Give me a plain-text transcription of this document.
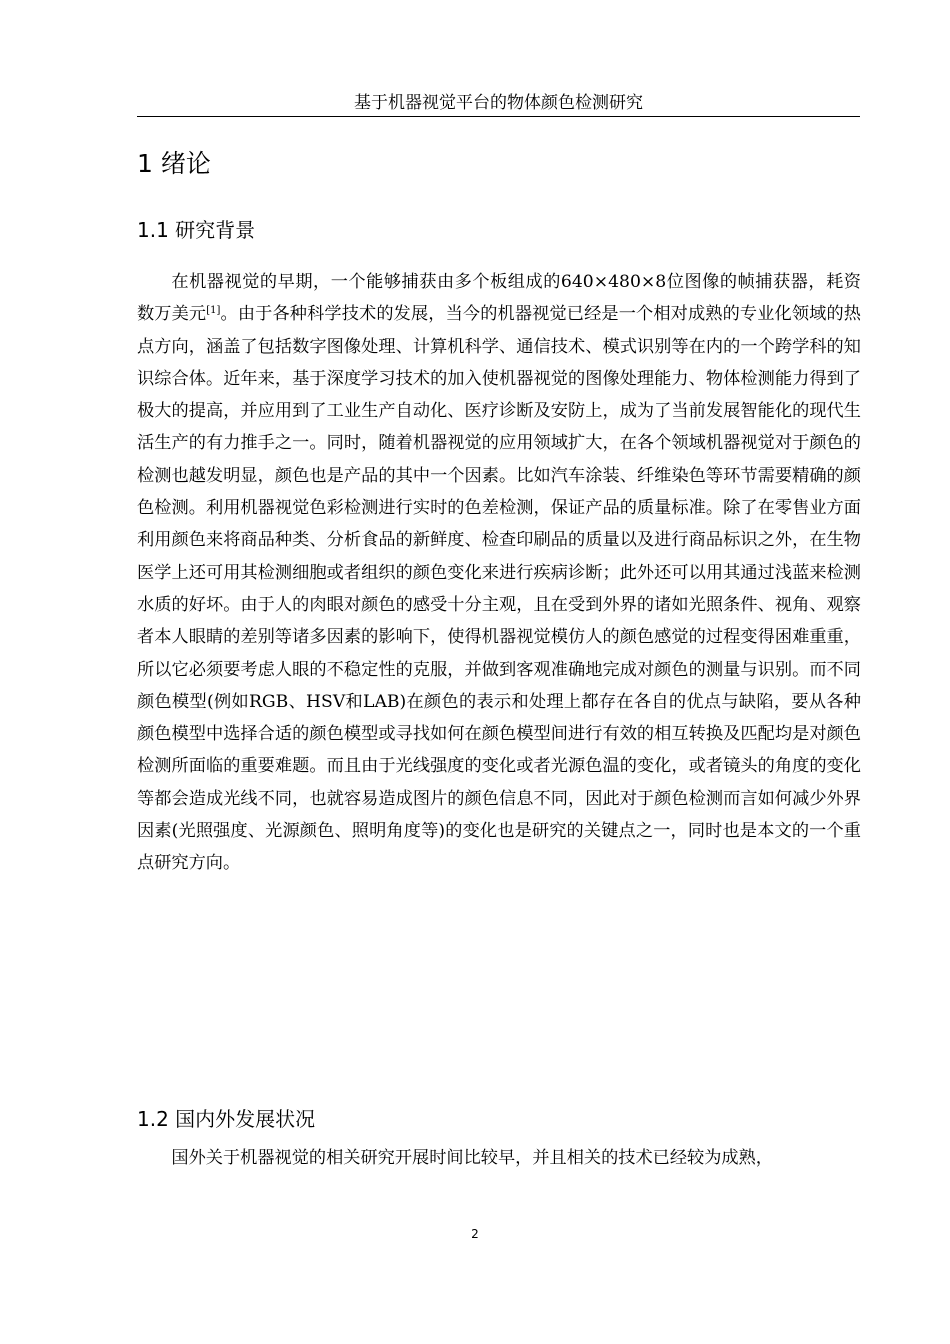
基于机器视觉平台的物体颜色检测研究
1 绪论
1.1 研究背景
在机器视觉的早期，一个能够捕获由多个板组成的640×480×8位图像的帧捕获器，耗资数万美元[1]。由于各种科学技术的发展，当今的机器视觉已经是一个相对成熟的专业化领域的热点方向，涵盖了包括数字图像处理、计算机科学、通信技术、模式识别等在内的一个跨学科的知识综合体。近年来，基于深度学习技术的加入使机器视觉的图像处理能力、物体检测能力得到了极大的提高，并应用到了工业生产自动化、医疗诊断及安防上，成为了当前发展智能化的现代生活生产的有力推手之一。同时，随着机器视觉的应用领域扩大，在各个领域机器视觉对于颜色的检测也越发明显，颜色也是产品的其中一个因素。比如汽车涂装、纤维染色等环节需要精确的颜色检测。利用机器视觉色彩检测进行实时的色差检测，保证产品的质量标准。除了在零售业方面利用颜色来将商品种类、分析食品的新鲜度、检查印刷品的质量以及进行商品标识之外，在生物医学上还可用其检测细胞或者组织的颜色变化来进行疾病诊断；此外还可以用其通过浅蓝来检测水质的好坏。由于人的肉眼对颜色的感受十分主观，且在受到外界的诸如光照条件、视角、观察者本人眼睛的差别等诸多因素的影响下，使得机器视觉模仿人的颜色感觉的过程变得困难重重，所以它必须要考虑人眼的不稳定性的克服，并做到客观准确地完成对颜色的测量与识别。而不同颜色模型(例如RGB、HSV和LAB)在颜色的表示和处理上都存在各自的优点与缺陷，要从各种颜色模型中选择合适的颜色模型或寻找如何在颜色模型间进行有效的相互转换及匹配均是对颜色检测所面临的重要难题。而且由于光线强度的变化或者光源色温的变化，或者镜头的角度的变化等都会造成光线不同，也就容易造成图片的颜色信息不同，因此对于颜色检测而言如何减少外界因素(光照强度、光源颜色、照明角度等)的变化也是研究的关键点之一，同时也是本文的一个重点研究方向。
1.2 国内外发展状况
国外关于机器视觉的相关研究开展时间比较早，并且相关的技术已经较为成熟，
2
